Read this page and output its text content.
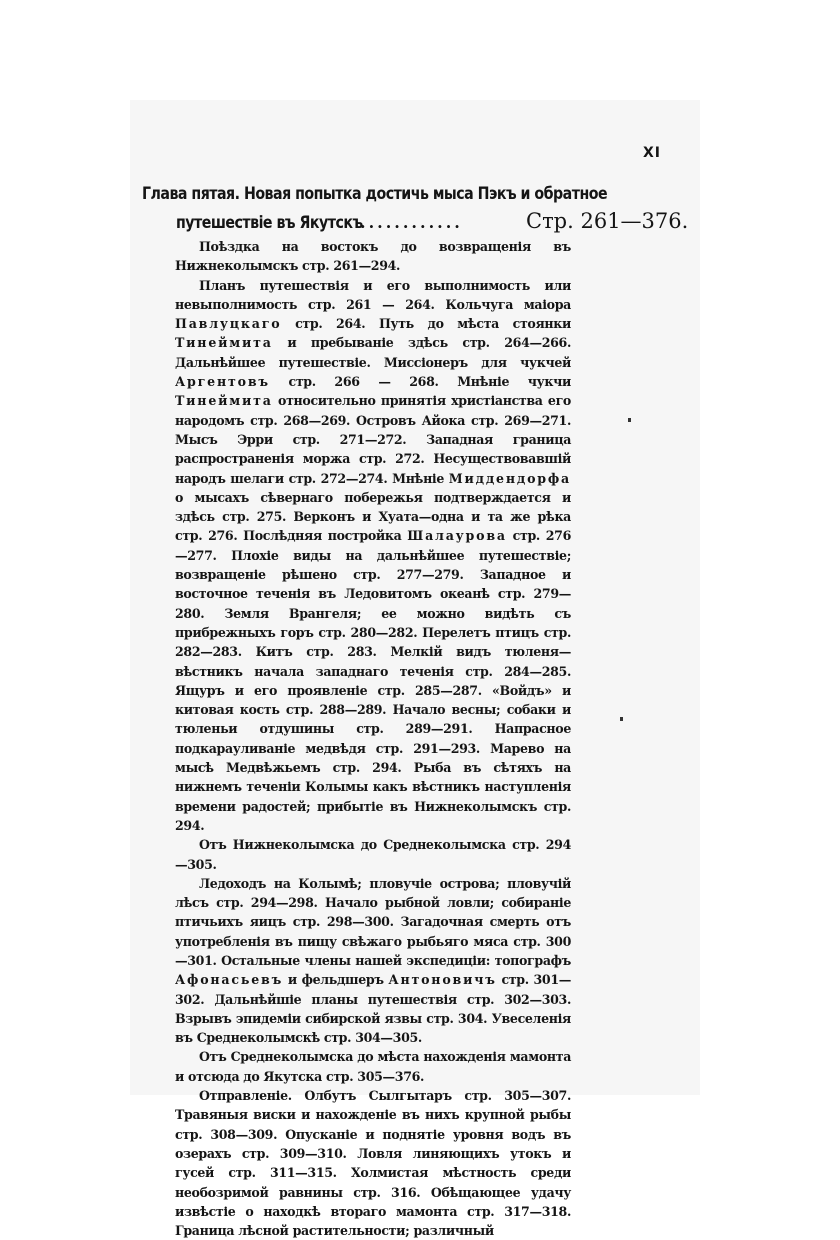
XI
Глава пятая. Новая попытка достичь мыса Пэкъ и обратное
путешествіе въ Якутскъ
............	Стр. 261—376.

Поѣздка на востокъ до возвращенія въ Нижнеколымскъ стр. 261—294.

Планъ путешествія и его выполнимость или невыполнимость стр. 261 — 264. Кольчуга маіора Павлуцкаго стр. 264. Путь до мѣста стоянки Тинеймита и пребываніе здѣсь стр. 264—266. Дальнѣйшее путешествіе. Миссіонеръ для чукчей Аргентовъ стр. 266 — 268. Мнѣніе чукчи Тинеймита относительно принятія христіанства его народомъ стр. 268—269. Островъ Айока стр. 269—271. Мысъ Эрри стр. 271—272. Западная граница распространенія моржа стр. 272. Несуществовавшій народъ шелаги стр. 272—274. Мнѣніе Миддендорфа о мысахъ сѣвернаго побережья подтверждается и здѣсь стр. 275. Верконъ и Хуата—одна и та же рѣка стр. 276. Послѣдняя постройка Шалаурова стр. 276—277. Плохіе виды на дальнѣйшее путешествіе; возвращеніе рѣшено стр. 277—279. Западное и восточное теченія въ Ледовитомъ океанѣ стр. 279—280. Земля Врангеля; ее можно видѣть съ прибрежныхъ горъ стр. 280—282. Перелетъ птицъ стр. 282—283. Китъ стр. 283. Мелкій видъ тюленя—вѣстникъ начала западнаго теченія стр. 284—285. Ящуръ и его проявленіе стр. 285—287. «Войдъ» и китовая кость стр. 288—289. Начало весны; собаки и тюленьи отдушины стр. 289—291. Напрасное подкарауливаніе медвѣдя стр. 291—293. Марево на мысѣ Медвѣжьемъ стр. 294. Рыба въ сѣтяхъ на нижнемъ теченіи Колымы какъ вѣстникъ наступленія времени радостей; прибытіе въ Нижнеколымскъ стр. 294.

Отъ Нижнеколымска до Среднеколымска стр. 294—305.

Ледоходъ на Колымѣ; пловучіе острова; пловучій лѣсъ стр. 294—298. Начало рыбной ловли; собираніе птичьихъ яицъ стр. 298—300. Загадочная смерть отъ употребленія въ пищу свѣжаго рыбьяго мяса стр. 300—301. Остальные члены нашей экспедиціи: топографъ Афонасьевъ и фельдшеръ Антоновичъ стр. 301—302. Дальнѣйшіе планы путешествія стр. 302—303. Взрывъ эпидеміи сибирской язвы стр. 304. Увеселенія въ Среднеколымскѣ стр. 304—305.

Отъ Среднеколымска до мѣста нахожденія мамонта и отсюда до Якутска стр. 305—376.

Отправленіе. Олбутъ Сылгытаръ стр. 305—307. Травяныя виски и нахожденіе въ нихъ крупной рыбы стр. 308—309. Опусканіе и поднятіе уровня водъ въ озерахъ стр. 309—310. Ловля линяющихъ утокъ и гусей стр. 311—315. Холмистая мѣстность среди необозримой равнины стр. 316. Обѣщающее удачу извѣстіе о находкѣ втораго мамонта стр. 317—318. Граница лѣсной растительности; различный
